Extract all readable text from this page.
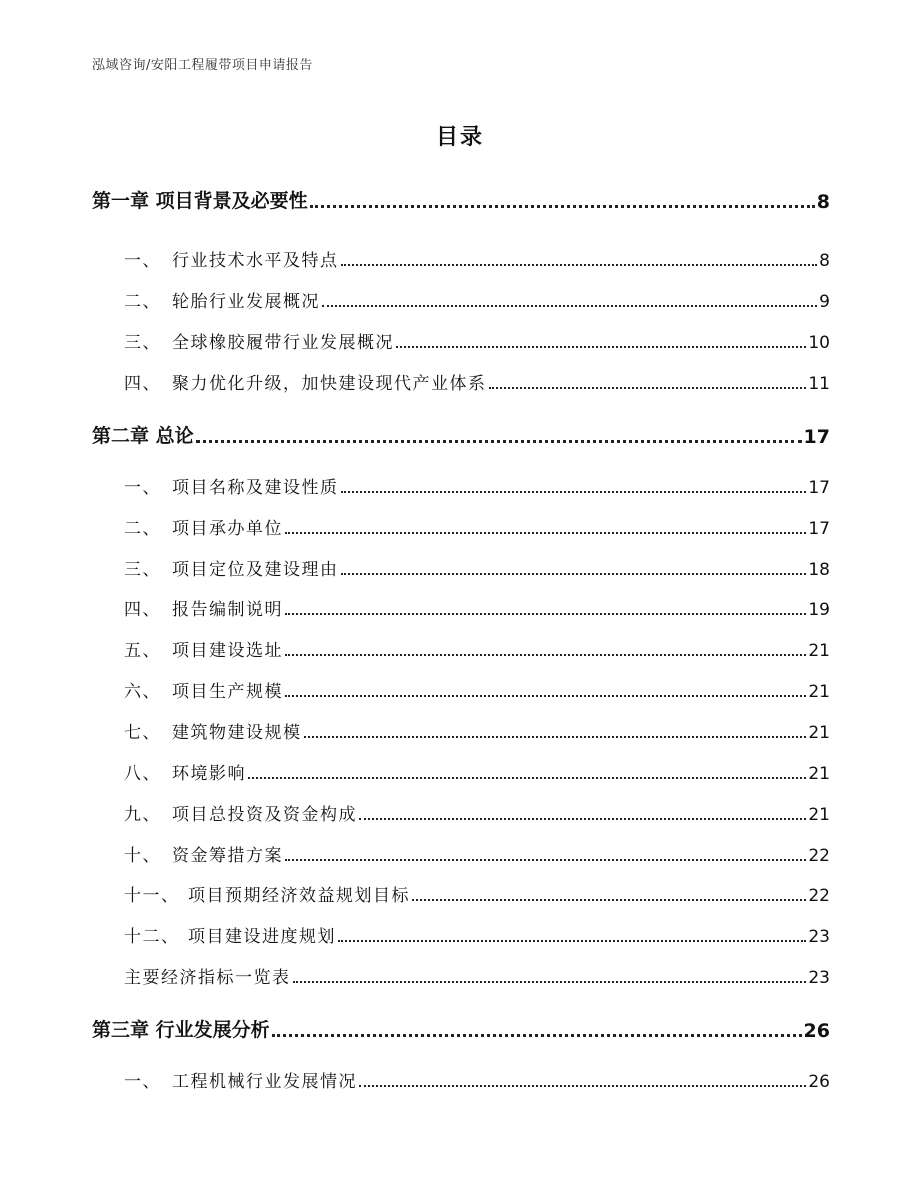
泓域咨询/安阳工程履带项目申请报告
目录
第一章 项目背景及必要性	8
一、 行业技术水平及特点	8
二、 轮胎行业发展概况	9
三、 全球橡胶履带行业发展概况	10
四、 聚力优化升级，加快建设现代产业体系	11
第二章 总论	17
一、 项目名称及建设性质	17
二、 项目承办单位	17
三、 项目定位及建设理由	18
四、 报告编制说明	19
五、 项目建设选址	21
六、 项目生产规模	21
七、 建筑物建设规模	21
八、 环境影响	21
九、 项目总投资及资金构成	21
十、 资金筹措方案	22
十一、 项目预期经济效益规划目标	22
十二、 项目建设进度规划	23
主要经济指标一览表	23
第三章 行业发展分析	26
一、 工程机械行业发展情况	26
